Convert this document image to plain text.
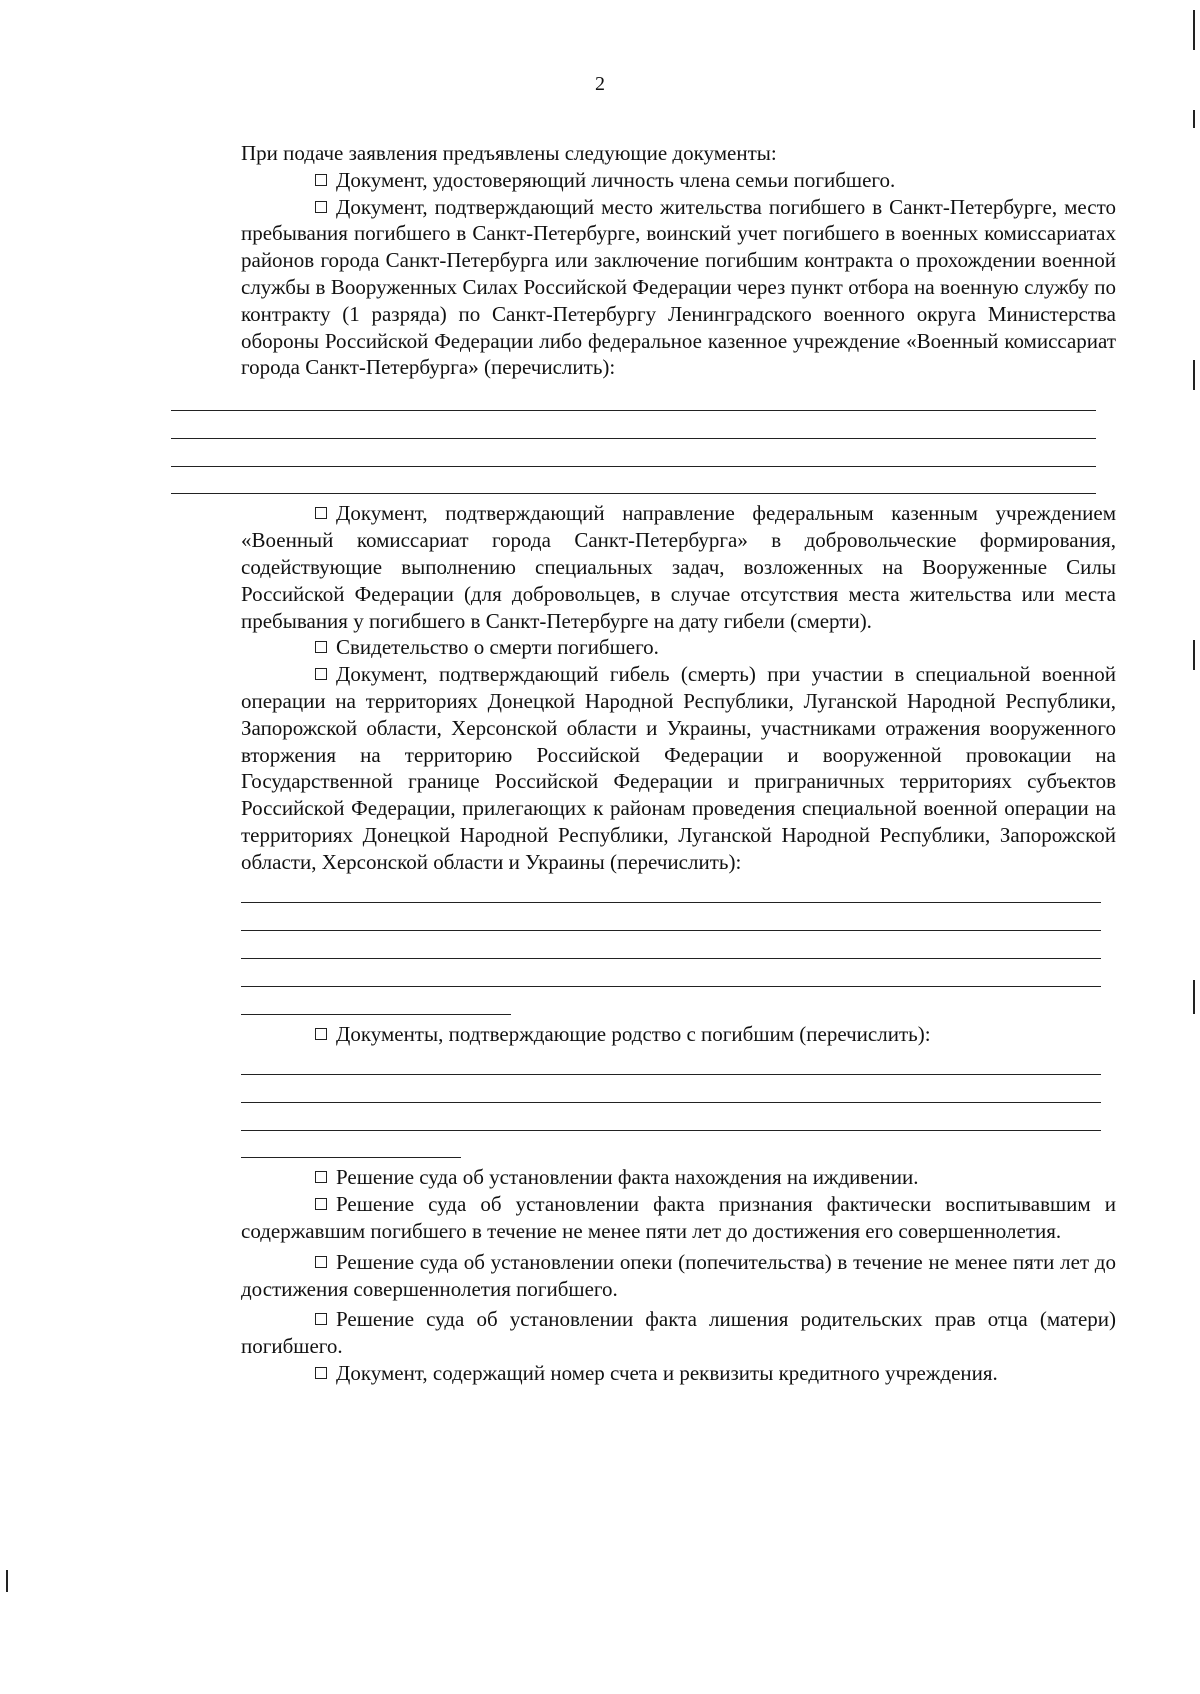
2

При подаче заявления предъявлены следующие документы:

Документ, удостоверяющий личность члена семьи погибшего.

Документ, подтверждающий место жительства погибшего в Санкт-Петербурге, место пребывания погибшего в Санкт-Петербурге, воинский учет погибшего в военных комиссариатах районов города Санкт-Петербурга или заключение погибшим контракта о прохождении военной службы в Вооруженных Силах Российской Федерации через пункт отбора на военную службу по контракту (1 разряда) по Санкт-Петербургу Ленинградского военного округа Министерства обороны Российской Федерации либо федеральное казенное учреждение «Военный комиссариат города Санкт-Петербурга» (перечислить):

Документ, подтверждающий направление федеральным казенным учреждением «Военный комиссариат города Санкт-Петербурга» в добровольческие формирования, содействующие выполнению специальных задач, возложенных на Вооруженные Силы Российской Федерации (для добровольцев, в случае отсутствия места жительства или места пребывания у погибшего в Санкт-Петербурге на дату гибели (смерти).

Свидетельство о смерти погибшего.

Документ, подтверждающий гибель (смерть) при участии в специальной военной операции на территориях Донецкой Народной Республики, Луганской Народной Республики, Запорожской области, Херсонской области и Украины, участниками отражения вооруженного вторжения на территорию Российской Федерации и вооруженной провокации на Государственной границе Российской Федерации и приграничных территориях субъектов Российской Федерации, прилегающих к районам проведения специальной военной операции на территориях Донецкой Народной Республики, Луганской Народной Республики, Запорожской области, Херсонской области и Украины (перечислить):

Документы, подтверждающие родство с погибшим (перечислить):

Решение суда об установлении факта нахождения на иждивении.

Решение суда об установлении факта признания фактически воспитывавшим и содержавшим погибшего в течение не менее пяти лет до достижения его совершеннолетия.

Решение суда об установлении опеки (попечительства) в течение не менее пяти лет до достижения совершеннолетия погибшего.

Решение суда об установлении факта лишения родительских прав отца (матери) погибшего.

Документ, содержащий номер счета и реквизиты кредитного учреждения.
